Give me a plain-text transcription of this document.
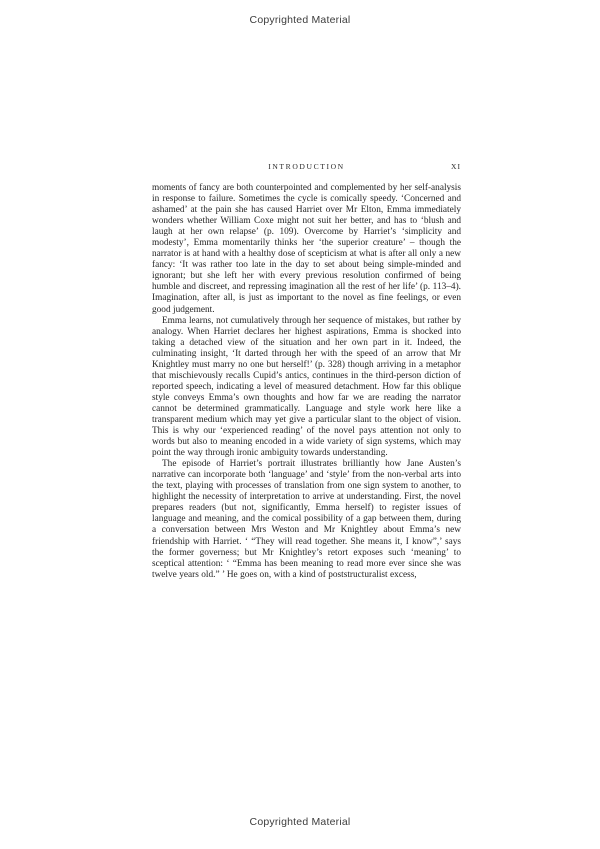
Copyrighted Material
INTRODUCTION	XI

moments of fancy are both counterpointed and complemented by her self-analysis in response to failure. Sometimes the cycle is comically speedy. ‘Concerned and ashamed’ at the pain she has caused Harriet over Mr Elton, Emma immediately wonders whether William Coxe might not suit her better, and has to ‘blush and laugh at her own relapse’ (p. 109). Overcome by Harriet’s ‘simplicity and modesty’, Emma momentarily thinks her ‘the superior creature’ – though the narrator is at hand with a healthy dose of scepticism at what is after all only a new fancy: ‘It was rather too late in the day to set about being simple-minded and ignorant; but she left her with every previous resolution confirmed of being humble and discreet, and repressing imagination all the rest of her life’ (p. 113–4). Imagination, after all, is just as important to the novel as fine feelings, or even good judgement.

Emma learns, not cumulatively through her sequence of mistakes, but rather by analogy. When Harriet declares her highest aspirations, Emma is shocked into taking a detached view of the situation and her own part in it. Indeed, the culminating insight, ‘It darted through her with the speed of an arrow that Mr Knightley must marry no one but herself!’ (p. 328) though arriving in a metaphor that mischievously recalls Cupid’s antics, continues in the third-person diction of reported speech, indicating a level of measured detachment. How far this oblique style conveys Emma’s own thoughts and how far we are reading the narrator cannot be determined grammatically. Language and style work here like a transparent medium which may yet give a particular slant to the object of vision. This is why our ‘experienced reading’ of the novel pays attention not only to words but also to meaning encoded in a wide variety of sign systems, which may point the way through ironic ambiguity towards understanding.

The episode of Harriet’s portrait illustrates brilliantly how Jane Austen’s narrative can incorporate both ‘language’ and ‘style’ from the non-verbal arts into the text, playing with processes of translation from one sign system to another, to highlight the necessity of interpretation to arrive at understanding. First, the novel prepares readers (but not, significantly, Emma herself) to register issues of language and meaning, and the comical possibility of a gap between them, during a conversation between Mrs Weston and Mr Knightley about Emma’s new friendship with Harriet. ‘ “They will read together. She means it, I know”,’ says the former governess; but Mr Knightley’s retort exposes such ‘meaning’ to sceptical attention: ‘ “Emma has been meaning to read more ever since she was twelve years old.” ’ He goes on, with a kind of poststructuralist excess,

Copyrighted Material
